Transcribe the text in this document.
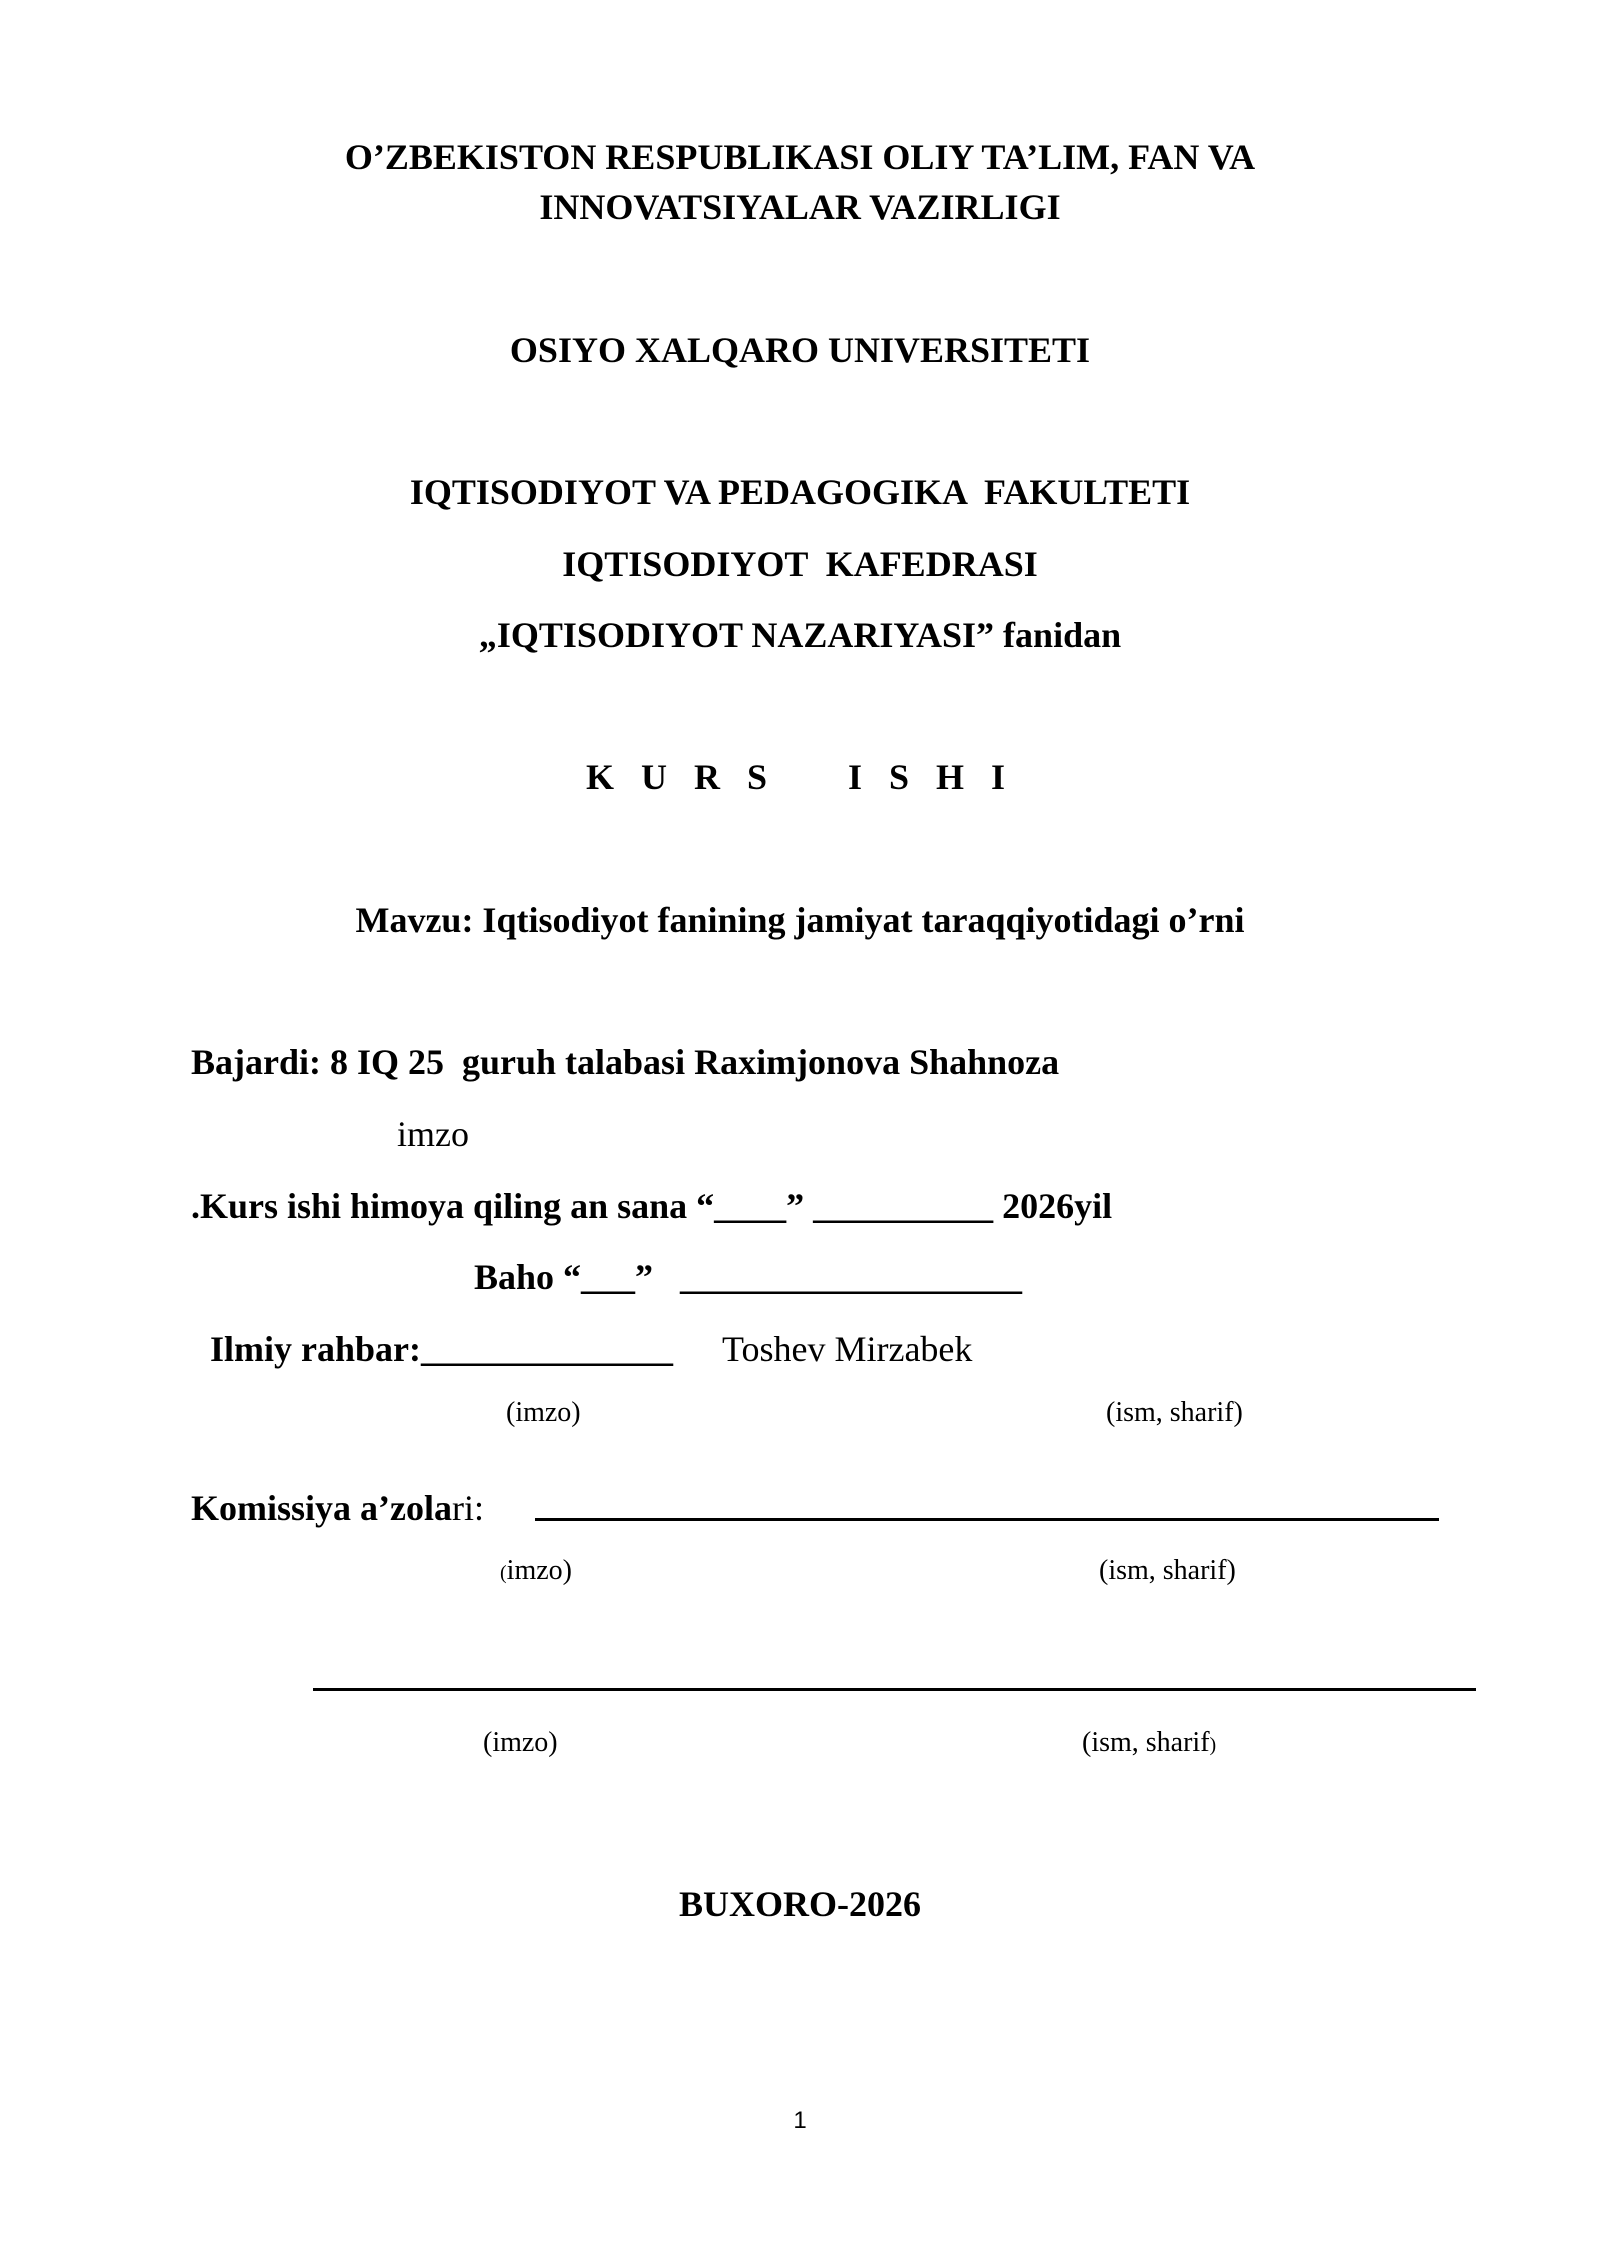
O’ZBEKISTON RESPUBLIKASI OLIY TA’LIM, FAN VA
INNOVATSIYALAR VAZIRLIGI
OSIYO XALQARO UNIVERSITETI
IQTISODIYOT VA PEDAGOGIKA  FAKULTETI
IQTISODIYOT  KAFEDRASI
„IQTISODIYOT NAZARIYASI” fanidan
K U R S    I S H I
Mavzu: Iqtisodiyot fanining jamiyat taraqqiyotidagi o’rni
Bajardi: 8 IQ 25  guruh talabasi Raximjonova Shahnoza
imzo
.Kurs ishi himoya qiling an sana “____” __________ 2026yil
Baho “___”   ___________________
Ilmiy rahbar:______________ Toshev Mirzabek
(imzo)	(ism, sharif)
Komissiya a’zolari:
(imzo)	(ism, sharif)
(imzo)	(ism, sharif)
BUXORO-2026
1
